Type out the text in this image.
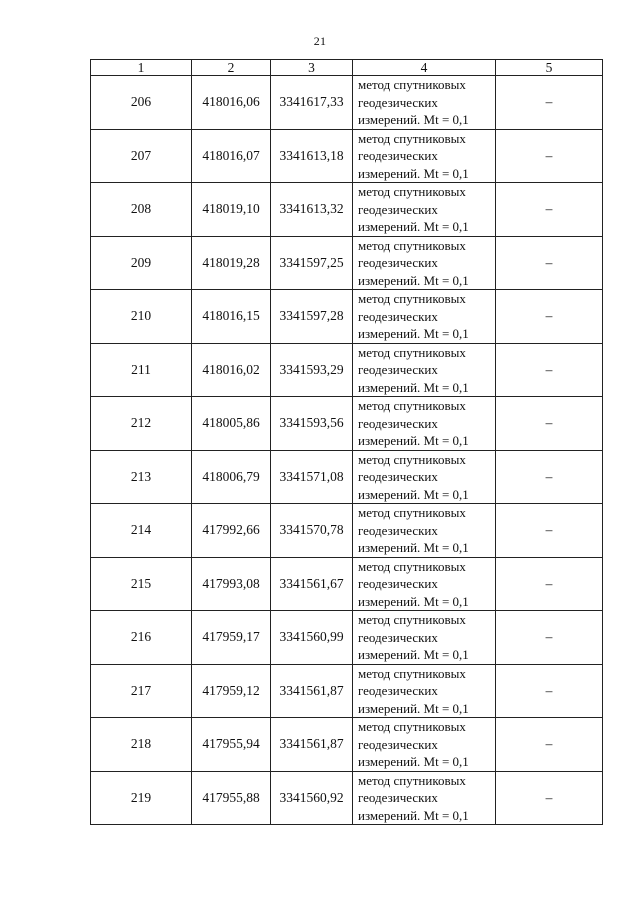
21
1	2	3	4	5
206	418016,06	3341617,33	метод спутниковых
геодезических
измерений. Mt = 0,1	–
207	418016,07	3341613,18	метод спутниковых
геодезических
измерений. Mt = 0,1	–
208	418019,10	3341613,32	метод спутниковых
геодезических
измерений. Mt = 0,1	–
209	418019,28	3341597,25	метод спутниковых
геодезических
измерений. Mt = 0,1	–
210	418016,15	3341597,28	метод спутниковых
геодезических
измерений. Mt = 0,1	–
211	418016,02	3341593,29	метод спутниковых
геодезических
измерений. Mt = 0,1	–
212	418005,86	3341593,56	метод спутниковых
геодезических
измерений. Mt = 0,1	–
213	418006,79	3341571,08	метод спутниковых
геодезических
измерений. Mt = 0,1	–
214	417992,66	3341570,78	метод спутниковых
геодезических
измерений. Mt = 0,1	–
215	417993,08	3341561,67	метод спутниковых
геодезических
измерений. Mt = 0,1	–
216	417959,17	3341560,99	метод спутниковых
геодезических
измерений. Mt = 0,1	–
217	417959,12	3341561,87	метод спутниковых
геодезических
измерений. Mt = 0,1	–
218	417955,94	3341561,87	метод спутниковых
геодезических
измерений. Mt = 0,1	–
219	417955,88	3341560,92	метод спутниковых
геодезических
измерений. Mt = 0,1	–
